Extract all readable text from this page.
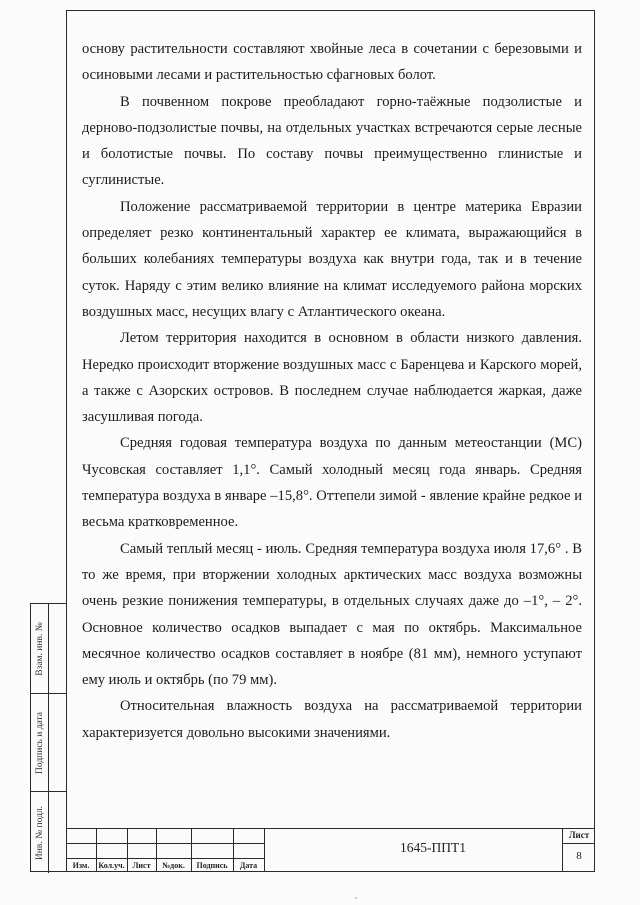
основу растительности составляют хвойные леса в сочетании с березовыми и осиновыми лесами и растительностью сфагновых болот.

В почвенном покрове преобладают горно-таёжные подзолистые и дерново-подзолистые почвы, на отдельных участках встречаются серые лесные и болотистые почвы. По составу почвы преимущественно глинистые и суглинистые.

Положение рассматриваемой территории в центре материка Евразии определяет резко континентальный характер ее климата, выражающийся в больших колебаниях температуры воздуха как внутри года, так и в течение суток. Наряду с этим велико влияние на климат исследуемого района морских воздушных масс, несущих влагу с Атлантического океана.

Летом территория находится в основном в области низкого давления. Нередко происходит вторжение воздушных масс с Баренцева и Карского морей, а также с Азорских островов. В последнем случае наблюдается жаркая, даже засушливая погода.

Средняя годовая температура воздуха по данным метеостанции (МС) Чусовская составляет 1,1°. Самый холодный месяц года январь. Средняя температура воздуха в январе –15,8°. Оттепели зимой - явление крайне редкое и весьма кратковременное.

Самый теплый месяц - июль. Средняя температура воздуха июля 17,6° . В то же время, при вторжении холодных арктических масс воздуха возможны очень резкие понижения температуры, в отдельных случаях даже до –1°, – 2°. Основное количество осадков выпадает с мая по октябрь. Максимальное месячное количество осадков составляет в ноябре (81 мм), немного уступают ему июль и октябрь (по 79 мм).

Относительная влажность воздуха на рассматриваемой территории характеризуется довольно высокими значениями.

Взам. инв. №
Подпись и дата
Инв. № подл.
Изм.	Кол.уч. Лист	№док.	Подпись	Дата
1645-ППТ1
Лист
8
